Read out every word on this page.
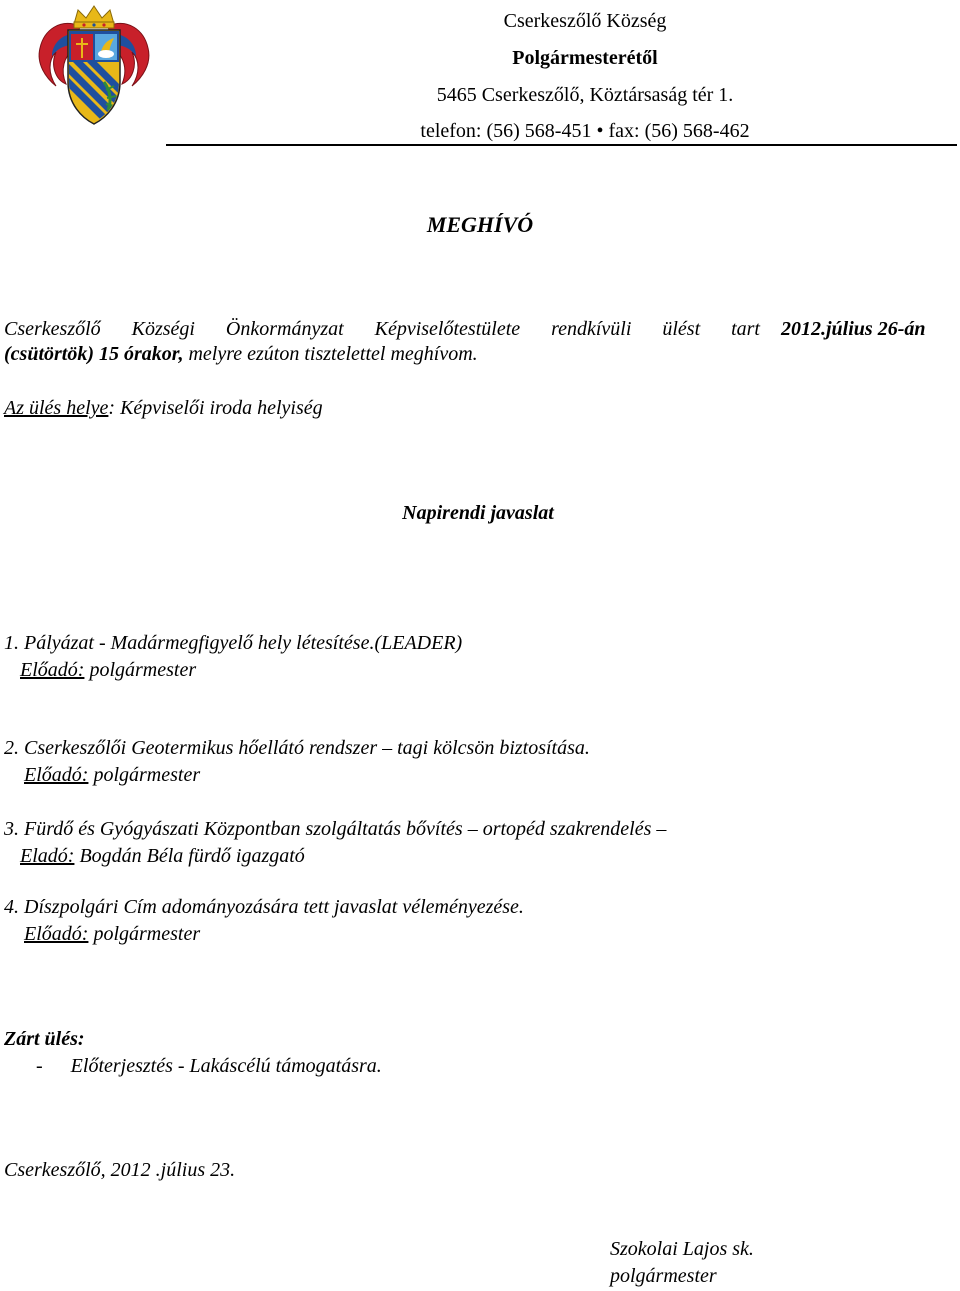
Cserkeszőlő Község
Polgármesterétől
5465 Cserkeszőlő, Köztársaság tér 1.
telefon: (56) 568-451 • fax: (56) 568-462
MEGHÍVÓ
Cserkeszőlő Községi Önkormányzat Képviselőtestülete rendkívüli ülést tart 2012.július 26-án
(csütörtök) 15 órakor, melyre ezúton tisztelettel meghívom.
Az ülés helye: Képviselői iroda helyiség
Napirendi javaslat
1. Pályázat - Madármegfigyelő hely létesítése.(LEADER)
Előadó: polgármester
2. Cserkeszőlői Geotermikus hőellátó rendszer – tagi kölcsön biztosítása.
Előadó: polgármester
3. Fürdő és Gyógyászati Központban szolgáltatás bővítés – ortopéd szakrendelés –
Eladó: Bogdán Béla fürdő igazgató
4. Díszpolgári Cím adományozására tett javaslat véleményezése.
Előadó: polgármester
Zárt ülés:
- Előterjesztés - Lakáscélú támogatásra.
Cserkeszőlő, 2012 .július 23.
Szokolai Lajos sk.
polgármester
